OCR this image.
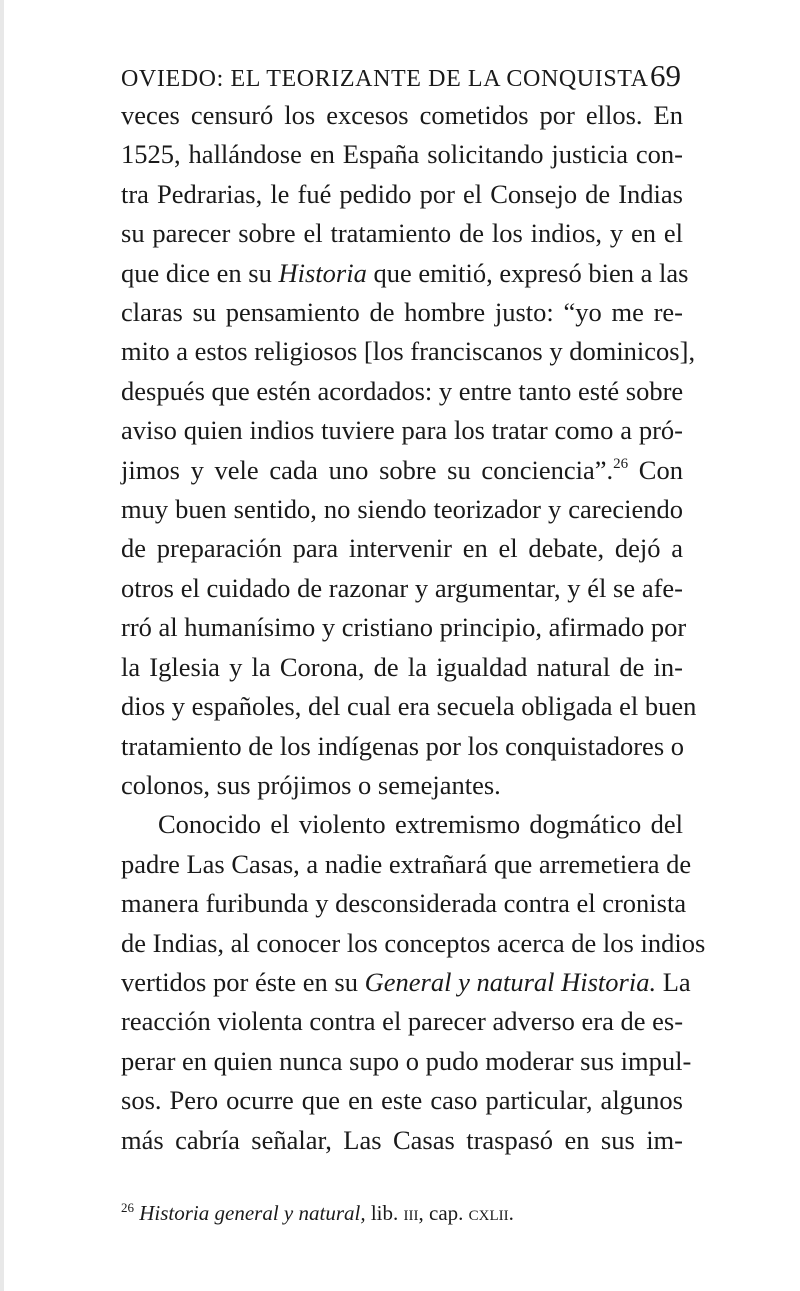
OVIEDO: EL TEORIZANTE DE LA CONQUISTA 69
veces censuró los excesos cometidos por ellos. En
1525, hallándose en España solicitando justicia con-
tra Pedrarias, le fué pedido por el Consejo de Indias
su parecer sobre el tratamiento de los indios, y en el
que dice en su Historia que emitió, expresó bien a las
claras su pensamiento de hombre justo: “yo me re-
mito a estos religiosos [los franciscanos y dominicos],
después que estén acordados: y entre tanto esté sobre
aviso quien indios tuviere para los tratar como a pró-
jimos y vele cada uno sobre su conciencia”.$^{26}$ Con
muy buen sentido, no siendo teorizador y careciendo
de preparación para intervenir en el debate, dejó a
otros el cuidado de razonar y argumentar, y él se afe-
rró al humanísimo y cristiano principio, afirmado por
la Iglesia y la Corona, de la igualdad natural de in-
dios y españoles, del cual era secuela obligada el buen
tratamiento de los indígenas por los conquistadores o
colonos, sus prójimos o semejantes.
Conocido el violento extremismo dogmático del
padre Las Casas, a nadie extrañará que arremetiera de
manera furibunda y desconsiderada contra el cronista
de Indias, al conocer los conceptos acerca de los indios
vertidos por éste en su General y natural Historia. La
reacción violenta contra el parecer adverso era de es-
perar en quien nunca supo o pudo moderar sus impul-
sos. Pero ocurre que en este caso particular, algunos
más cabría señalar, Las Casas traspasó en sus im-
$^{26}$ Historia general y natural, lib. iii, cap. cxlii.
